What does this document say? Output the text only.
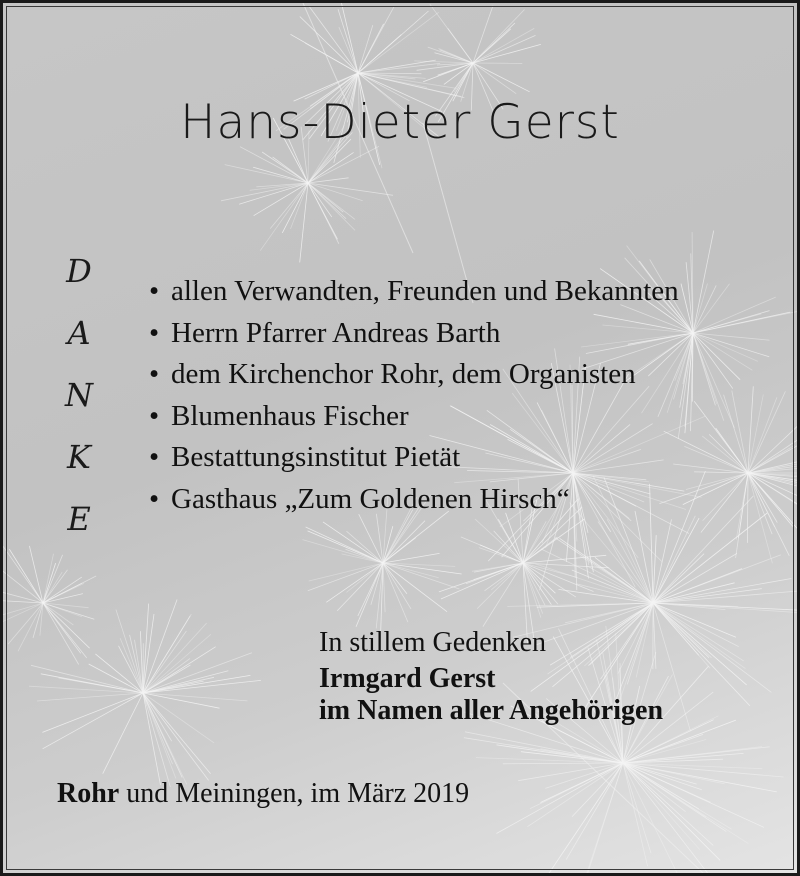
Hans-Dieter Gerst
D
A
N
K
E
• allen Verwandten, Freunden und Bekannten
• Herrn Pfarrer Andreas Barth
• dem Kirchenchor Rohr, dem Organisten
• Blumenhaus Fischer
• Bestattungsinstitut Pietät
• Gasthaus „Zum Goldenen Hirsch“
In stillem Gedenken
Irmgard Gerst
im Namen aller Angehörigen
Rohr und Meiningen, im März 2019
